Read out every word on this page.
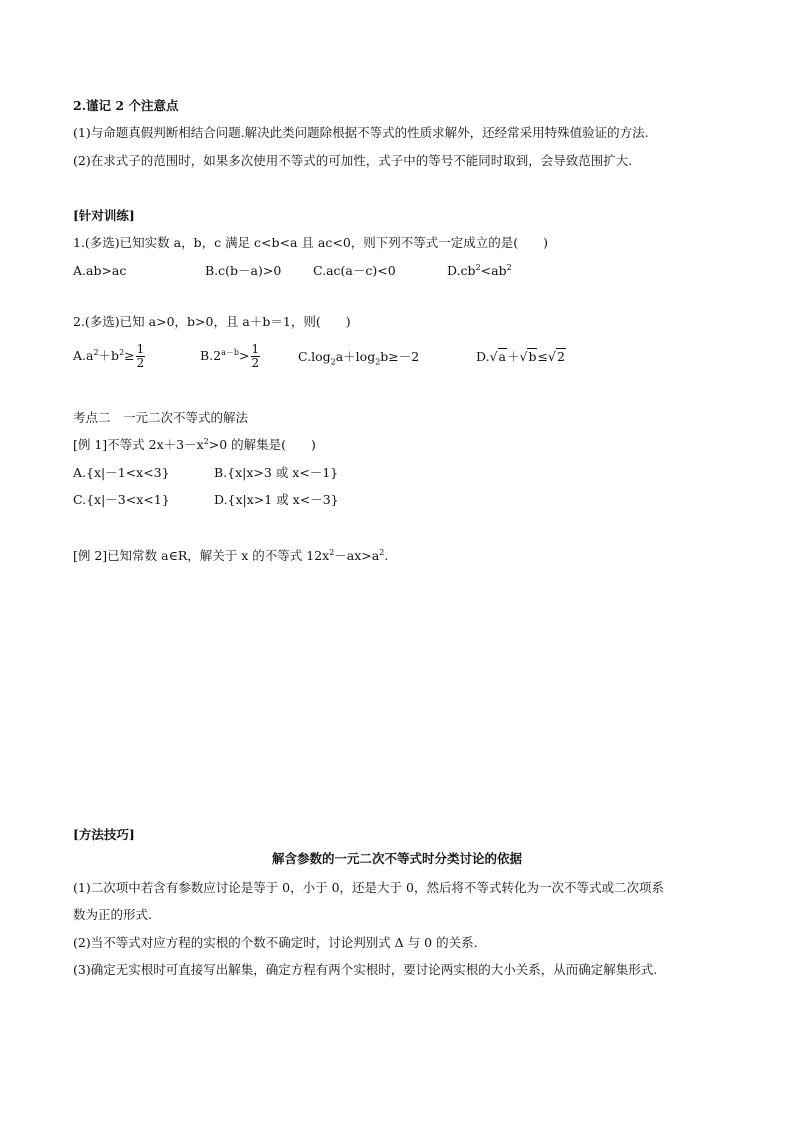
2.谨记 2 个注意点
(1)与命题真假判断相结合问题.解决此类问题除根据不等式的性质求解外，还经常采用特殊值验证的方法.
(2)在求式子的范围时，如果多次使用不等式的可加性，式子中的等号不能同时取到，会导致范围扩大.
[针对训练]
1.(多选)已知实数 a，b，c 满足 c<b<a 且 ac<0，则下列不等式一定成立的是(　　)
A.ab>ac	B.c(b－a)>0	C.ac(a－c)<0	$D.cb^2<ab^2$
2.(多选)已知 a>0，b>0，且 a＋b＝1，则(　　)
$A.a^2+b^2\ge \frac{1}{2}$	$B.2^{a-b}> \frac{1}{2}$	$C.\log_2a+\log_2b\ge-2$	D.√a＋√b≤√2
考点二　一元二次不等式的解法
[例 1]不等式 $2x+3-x^2>0$ 的解集是(　　)
A.{x|－1<x<3}	B.{x|x>3 或 x<－1}
C.{x|－3<x<1}	D.{x|x>1 或 x<－3}
[例 2]已知常数 a∈R，解关于 x 的不等式 $12x^2-ax>a^2$.
[方法技巧]
解含参数的一元二次不等式时分类讨论的依据
(1)二次项中若含有参数应讨论是等于 0，小于 0，还是大于 0，然后将不等式转化为一次不等式或二次项系
数为正的形式.
(2)当不等式对应方程的实根的个数不确定时，讨论判别式 Δ 与 0 的关系.
(3)确定无实根时可直接写出解集，确定方程有两个实根时，要讨论两实根的大小关系，从而确定解集形式.
